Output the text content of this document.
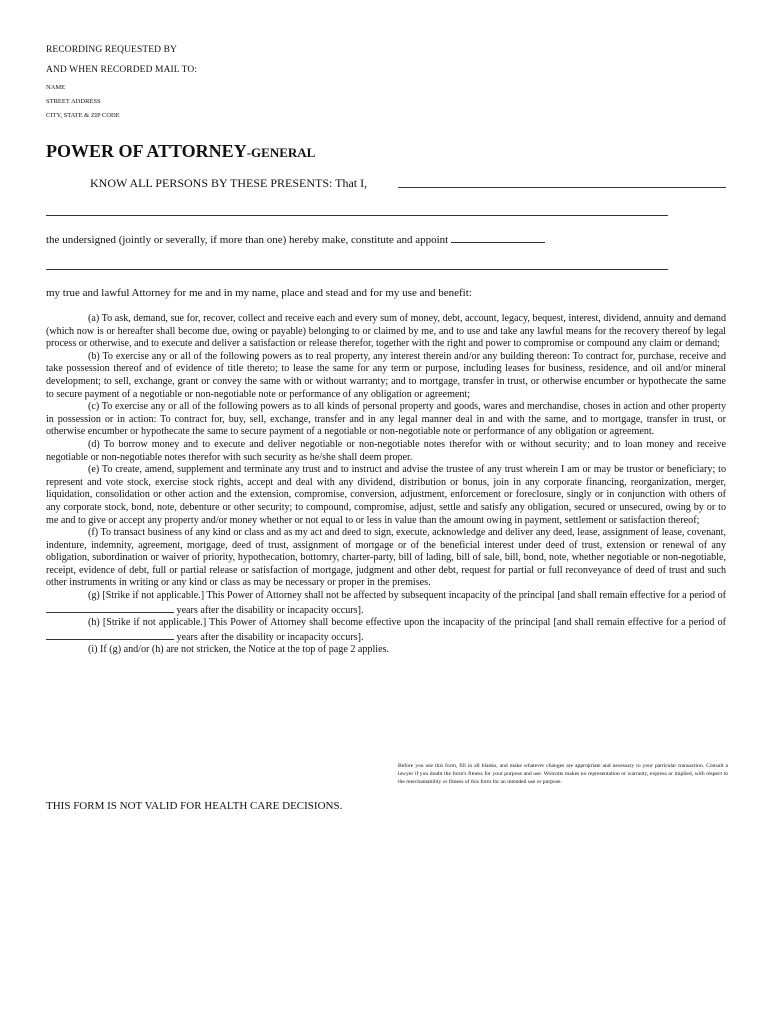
RECORDING REQUESTED BY
AND WHEN RECORDED MAIL TO:
NAME
STREET ADDRESS
CITY, STATE & ZIP CODE
POWER OF ATTORNEY-GENERAL
KNOW ALL PERSONS BY THESE PRESENTS: That I,
the undersigned (jointly or severally, if more than one) hereby make, constitute and appoint
my true and lawful Attorney for me and in my name, place and stead and for my use and benefit:

(a) To ask, demand, sue for, recover, collect and receive each and every sum of money, debt, account, legacy, bequest, interest, dividend, annuity and demand (which now is or hereafter shall become due, owing or payable) belonging to or claimed by me, and to use and take any lawful means for the recovery thereof by legal process or otherwise, and to execute and deliver a satisfaction or release therefor, together with the right and power to compromise or compound any claim or demand;

(b) To exercise any or all of the following powers as to real property, any interest therein and/or any building thereon: To contract for, purchase, receive and take possession thereof and of evidence of title thereto; to lease the same for any term or purpose, including leases for business, residence, and oil and/or mineral development; to sell, exchange, grant or convey the same with or without warranty; and to mortgage, transfer in trust, or otherwise encumber or hypothecate the same to secure payment of a negotiable or non-negotiable note or performance of any obligation or agreement;

(c) To exercise any or all of the following powers as to all kinds of personal property and goods, wares and merchandise, choses in action and other property in possession or in action: To contract for, buy, sell, exchange, transfer and in any legal manner deal in and with the same, and to mortgage, transfer in trust, or otherwise encumber or hypothecate the same to secure payment of a negotiable or non-negotiable note or performance of any obligation or agreement.

(d) To borrow money and to execute and deliver negotiable or non-negotiable notes therefor with or without security; and to loan money and receive negotiable or non-negotiable notes therefor with such security as he/she shall deem proper.

(e) To create, amend, supplement and terminate any trust and to instruct and advise the trustee of any trust wherein I am or may be trustor or beneficiary; to represent and vote stock, exercise stock rights, accept and deal with any dividend, distribution or bonus, join in any corporate financing, reorganization, merger, liquidation, consolidation or other action and the extension, compromise, conversion, adjustment, enforcement or foreclosure, singly or in conjunction with others of any corporate stock, bond, note, debenture or other security; to compound, compromise, adjust, settle and satisfy any obligation, secured or unsecured, owing by or to me and to give or accept any property and/or money whether or not equal to or less in value than the amount owing in payment, settlement or satisfaction thereof;

(f) To transact business of any kind or class and as my act and deed to sign, execute, acknowledge and deliver any deed, lease, assignment of lease, covenant, indenture, indemnity, agreement, mortgage, deed of trust, assignment of mortgage or of the beneficial interest under deed of trust, extension or renewal of any obligation, subordination or waiver of priority, hypothecation, bottomry, charter-party, bill of lading, bill of sale, bill, bond, note, whether negotiable or non-negotiable, receipt, evidence of debt, full or partial release or satisfaction of mortgage, judgment and other debt, request for partial or full reconveyance of deed of trust and such other instruments in writing or any kind or class as may be necessary or proper in the premises.

(g) [Strike if not applicable.] This Power of Attorney shall not be affected by subsequent incapacity of the principal [and shall remain effective for a period of  years after the disability or incapacity occurs].

(h) [Strike if not applicable.] This Power of Attorney shall become effective upon the incapacity of the principal [and shall remain effective for a period of  years after the disability or incapacity occurs].

(i) If (g) and/or (h) are not stricken, the Notice at the top of page 2 applies.

Before you use this form, fill in all blanks, and make whatever changes are appropriate and necessary to your particular transaction. Consult a lawyer if you doubt the form's fitness for your purpose and use. Wolcotts makes no representation or warranty, express or implied, with respect to the merchantability or fitness of this form for an intended use or purpose.
THIS FORM IS NOT VALID FOR HEALTH CARE DECISIONS.
